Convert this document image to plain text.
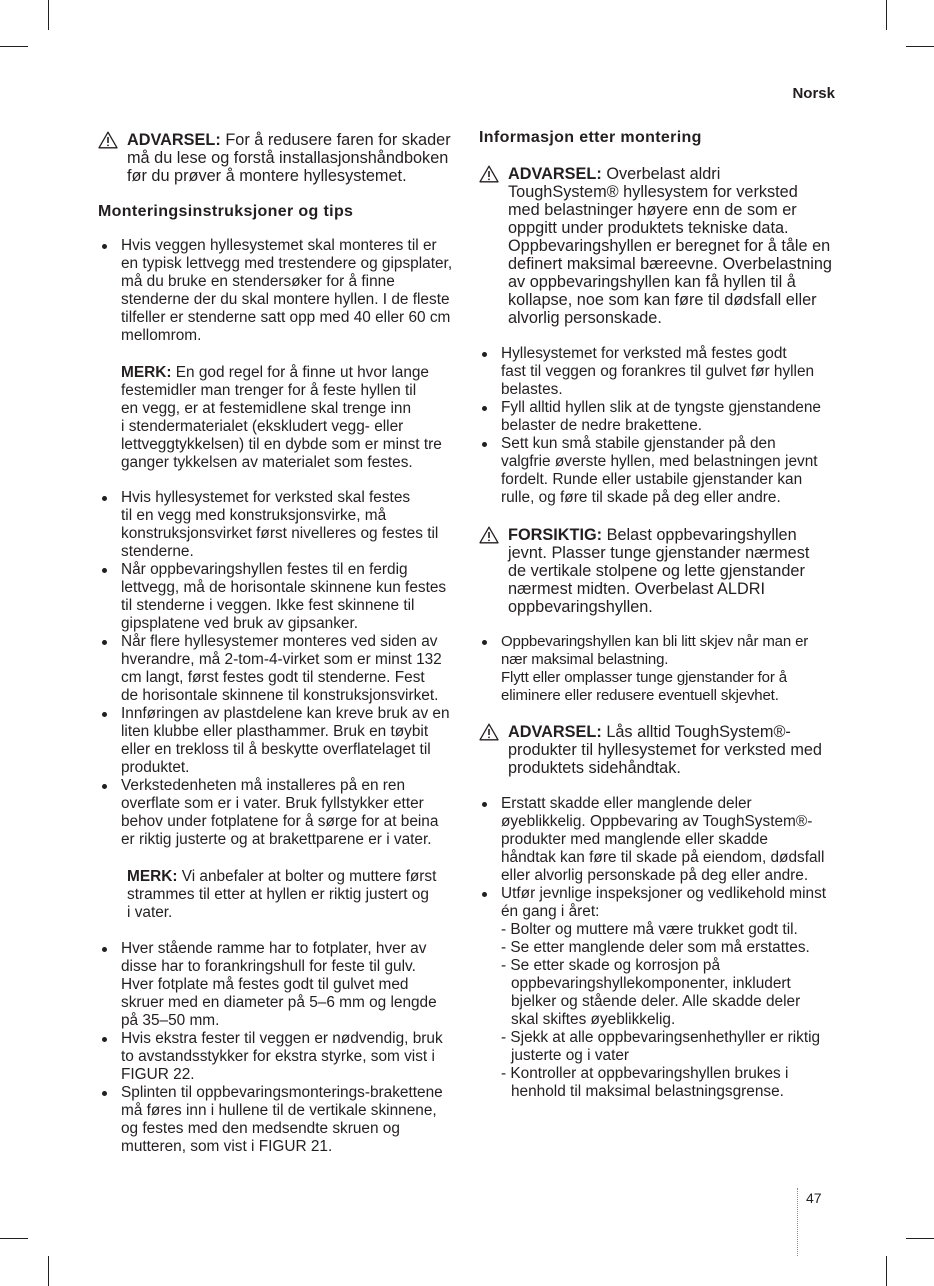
Norsk
ADVARSEL: For å redusere faren for skader
må du lese og forstå installasjonshåndboken
før du prøver å montere hyllesystemet.
Monteringsinstruksjoner og tips
Hvis veggen hyllesystemet skal monteres til er
en typisk lettvegg med trestendere og gipsplater,
må du bruke en stendersøker for å finne
stenderne der du skal montere hyllen. I de fleste
tilfeller er stenderne satt opp med 40 eller 60 cm
mellomrom.
MERK: En god regel for å finne ut hvor lange
festemidler man trenger for å feste hyllen til
en vegg, er at festemidlene skal trenge inn
i stendermaterialet (ekskludert vegg- eller
lettveggtykkelsen) til en dybde som er minst tre
ganger tykkelsen av materialet som festes.
Hvis hyllesystemet for verksted skal festes
til en vegg med konstruksjonsvirke, må
konstruksjonsvirket først nivelleres og festes til
stenderne.
Når oppbevaringshyllen festes til en ferdig
lettvegg, må de horisontale skinnene kun festes
til stenderne i veggen. Ikke fest skinnene til
gipsplatene ved bruk av gipsanker.
Når flere hyllesystemer monteres ved siden av
hverandre, må 2-tom-4-virket som er minst 132
cm langt, først festes godt til stenderne. Fest
de horisontale skinnene til konstruksjonsvirket.
Innføringen av plastdelene kan kreve bruk av en
liten klubbe eller plasthammer. Bruk en tøybit
eller en trekloss til å beskytte overflatelaget til
produktet.
Verkstedenheten må installeres på en ren
overflate som er i vater. Bruk fyllstykker etter
behov under fotplatene for å sørge for at beina
er riktig justerte og at brakettparene er i vater.
MERK: Vi anbefaler at bolter og muttere først
strammes til etter at hyllen er riktig justert og
i vater.
Hver stående ramme har to fotplater, hver av
disse har to forankringshull for feste til gulv.
Hver fotplate må festes godt til gulvet med
skruer med en diameter på 5–6 mm og lengde
på 35–50 mm.
Hvis ekstra fester til veggen er nødvendig, bruk
to avstandsstykker for ekstra styrke, som vist i
FIGUR 22.
Splinten til oppbevaringsmonterings-brakettene
må føres inn i hullene til de vertikale skinnene,
og festes med den medsendte skruen og
mutteren, som vist i FIGUR 21.
Informasjon etter montering
ADVARSEL: Overbelast aldri
ToughSystem® hyllesystem for verksted
med belastninger høyere enn de som er
oppgitt under produktets tekniske data.
Oppbevaringshyllen er beregnet for å tåle en
definert maksimal bæreevne. Overbelastning
av oppbevaringshyllen kan få hyllen til å
kollapse, noe som kan føre til dødsfall eller
alvorlig personskade.
Hyllesystemet for verksted må festes godt
fast til veggen og forankres til gulvet før hyllen
belastes.
Fyll alltid hyllen slik at de tyngste gjenstandene
belaster de nedre brakettene.
Sett kun små stabile gjenstander på den
valgfrie øverste hyllen, med belastningen jevnt
fordelt. Runde eller ustabile gjenstander kan
rulle, og føre til skade på deg eller andre.
FORSIKTIG: Belast oppbevaringshyllen
jevnt. Plasser tunge gjenstander nærmest
de vertikale stolpene og lette gjenstander
nærmest midten. Overbelast ALDRI
oppbevaringshyllen.
Oppbevaringshyllen kan bli litt skjev når man er
nær maksimal belastning.
Flytt eller omplasser tunge gjenstander for å
eliminere eller redusere eventuell skjevhet.
ADVARSEL: Lås alltid ToughSystem®-
produkter til hyllesystemet for verksted med
produktets sidehåndtak.
Erstatt skadde eller manglende deler
øyeblikkelig. Oppbevaring av ToughSystem®-
produkter med manglende eller skadde
håndtak kan føre til skade på eiendom, dødsfall
eller alvorlig personskade på deg eller andre.
Utfør jevnlige inspeksjoner og vedlikehold minst
én gang i året:
- Bolter og muttere må være trukket godt til.
- Se etter manglende deler som må erstattes.
- Se etter skade og korrosjon på
oppbevaringshyllekomponenter, inkludert
bjelker og stående deler. Alle skadde deler
skal skiftes øyeblikkelig.
- Sjekk at alle oppbevaringsenhethyller er riktig
justerte og i vater
- Kontroller at oppbevaringshyllen brukes i
henhold til maksimal belastningsgrense.
47
